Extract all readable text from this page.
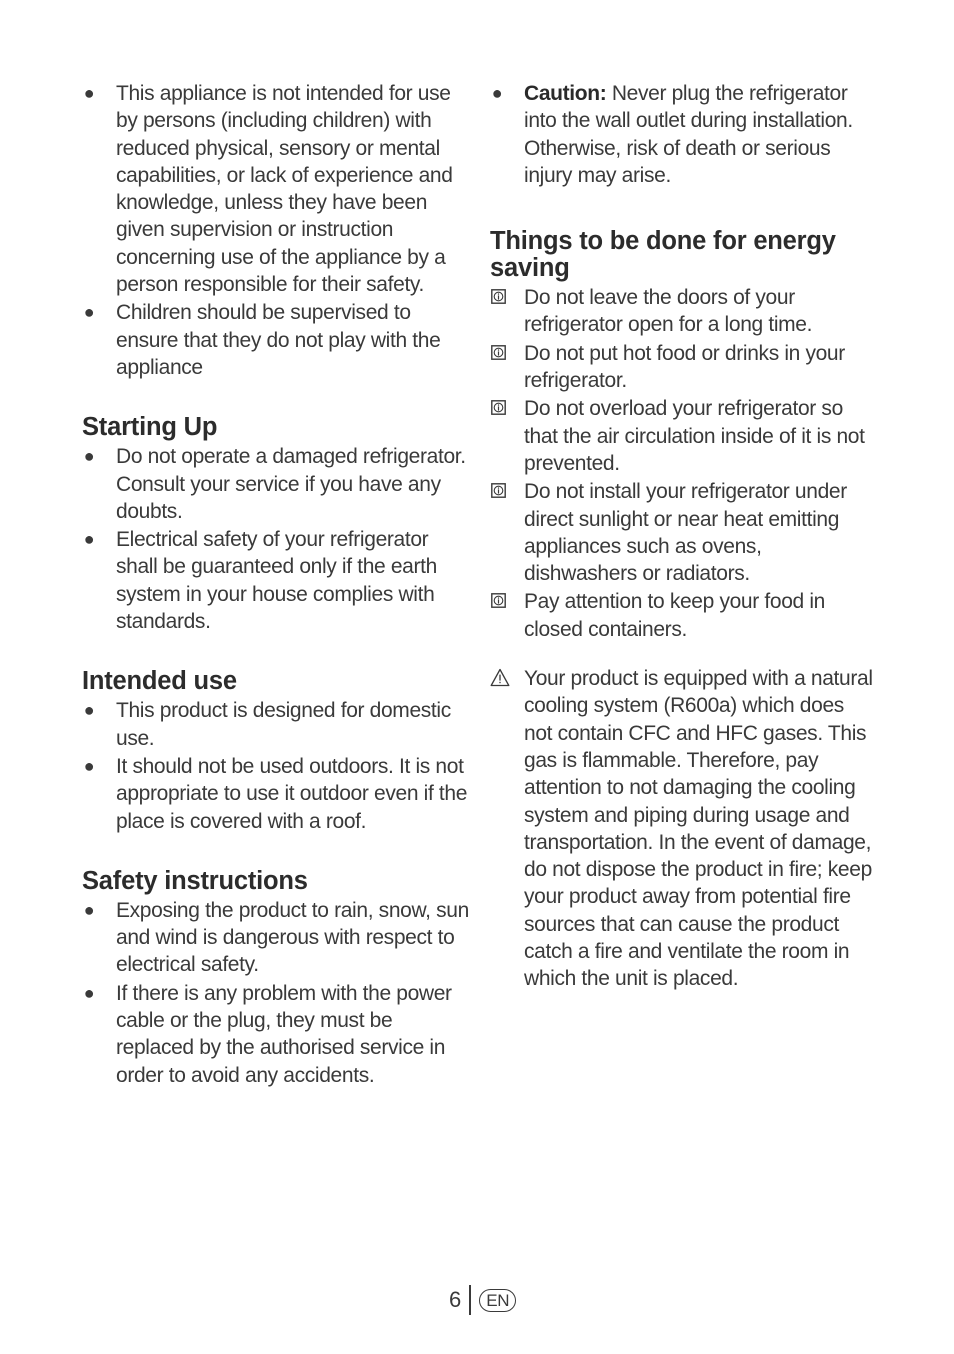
● This appliance is not intended for use by persons (including children) with reduced physical, sensory or mental capabilities, or lack of experience and knowledge, unless they have been given supervision or instruction concerning use of the appliance by a person responsible for their safety.
● Children should be supervised to ensure that they do not play with the appliance
Starting Up
● Do not operate a damaged refrigerator. Consult your service if you have any doubts.
● Electrical safety of your refrigerator shall be guaranteed only if the earth system in your house complies with standards.
Intended use
● This product is designed for domestic use.
● It should not be used outdoors. It is not appropriate to use it outdoor even if the place is covered with a roof.
Safety instructions
● Exposing the product to rain, snow, sun and wind is dangerous with respect to electrical safety.
● If there is any problem with the power cable or the plug, they must be replaced by the authorised service in order to avoid any accidents.
● Caution: Never plug the refrigerator into the wall outlet during installation. Otherwise, risk of death or serious injury may arise.
Things to be done for energy saving
Do not leave the doors of your refrigerator open for a long time.
Do not put hot food or drinks in your refrigerator.
Do not overload your refrigerator so that the air circulation inside of it is not prevented.
Do not install your refrigerator under direct sunlight or near heat emitting appliances such as ovens, dishwashers or radiators.
Pay attention to keep your food in closed containers.
Your product is equipped with a natural cooling system (R600a) which does not contain CFC and HFC gases. This gas is flammable. Therefore, pay attention to not damaging the cooling system and piping during usage and transportation. In the event of damage, do not dispose the product in fire; keep your product away from potential fire sources that can cause the product catch a fire and ventilate the room in which the unit is placed.
6	EN
